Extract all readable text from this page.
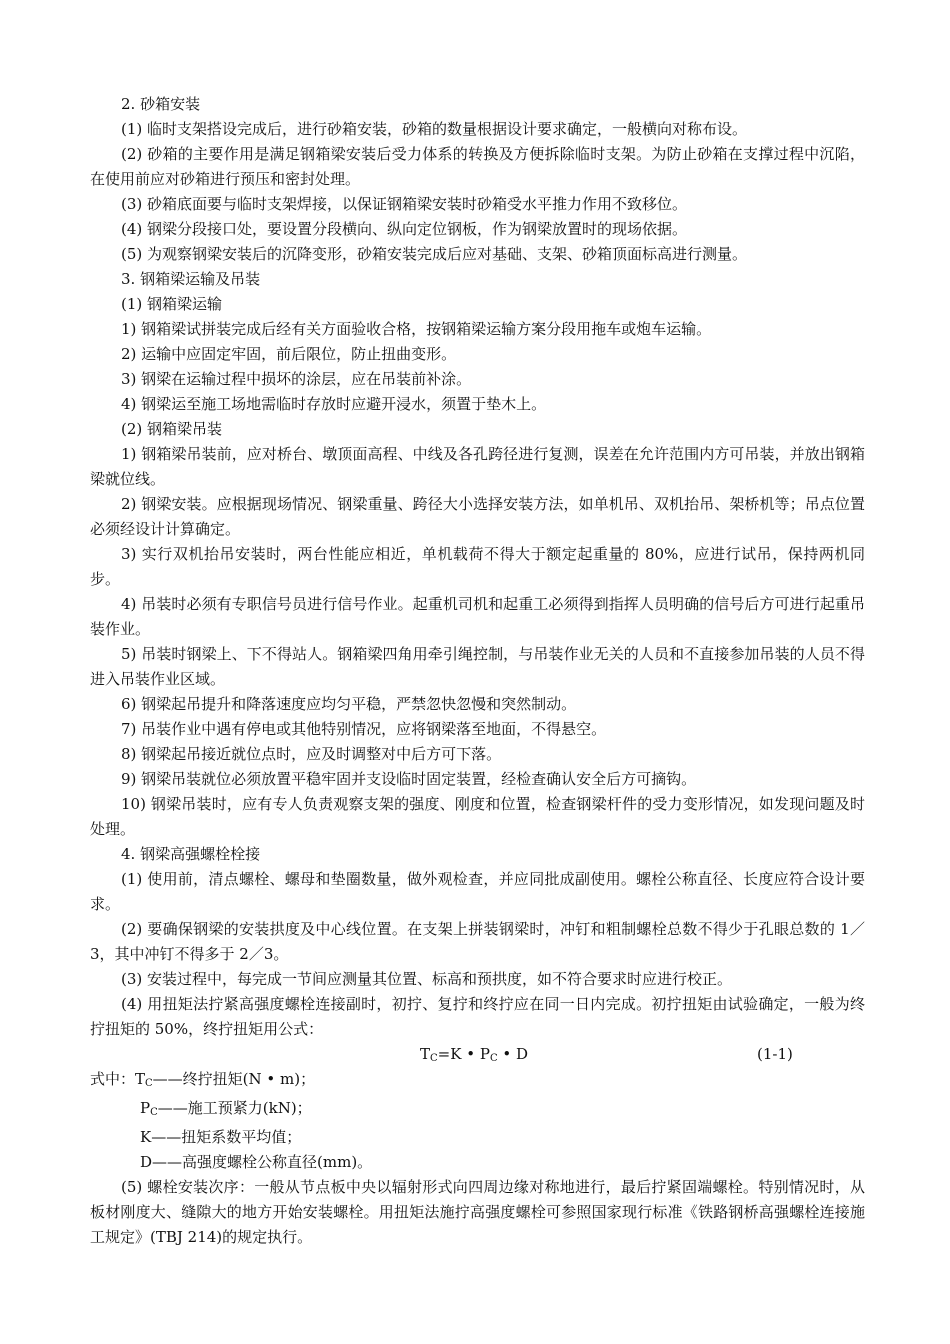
2. 砂箱安装

(1) 临时支架搭设完成后，进行砂箱安装，砂箱的数量根据设计要求确定，一般横向对称布设。

(2) 砂箱的主要作用是满足钢箱梁安装后受力体系的转换及方便拆除临时支架。为防止砂箱在支撑过程中沉陷，在使用前应对砂箱进行预压和密封处理。

(3) 砂箱底面要与临时支架焊接，以保证钢箱梁安装时砂箱受水平推力作用不致移位。

(4) 钢梁分段接口处，要设置分段横向、纵向定位钢板，作为钢梁放置时的现场依据。

(5) 为观察钢梁安装后的沉降变形，砂箱安装完成后应对基础、支架、砂箱顶面标高进行测量。

3. 钢箱梁运输及吊装

(1) 钢箱梁运输

1) 钢箱梁试拼装完成后经有关方面验收合格，按钢箱梁运输方案分段用拖车或炮车运输。

2) 运输中应固定牢固，前后限位，防止扭曲变形。

3) 钢梁在运输过程中损坏的涂层，应在吊装前补涂。

4) 钢梁运至施工场地需临时存放时应避开浸水，须置于垫木上。

(2) 钢箱梁吊装

1) 钢箱梁吊装前，应对桥台、墩顶面高程、中线及各孔跨径进行复测，误差在允许范围内方可吊装，并放出钢箱梁就位线。

2) 钢梁安装。应根据现场情况、钢梁重量、跨径大小选择安装方法，如单机吊、双机抬吊、架桥机等；吊点位置必须经设计计算确定。

3) 实行双机抬吊安装时，两台性能应相近，单机载荷不得大于额定起重量的 80%，应进行试吊，保持两机同步。

4) 吊装时必须有专职信号员进行信号作业。起重机司机和起重工必须得到指挥人员明确的信号后方可进行起重吊装作业。

5) 吊装时钢梁上、下不得站人。钢箱梁四角用牵引绳控制，与吊装作业无关的人员和不直接参加吊装的人员不得进入吊装作业区域。

6) 钢梁起吊提升和降落速度应均匀平稳，严禁忽快忽慢和突然制动。

7) 吊装作业中遇有停电或其他特别情况，应将钢梁落至地面，不得悬空。

8) 钢梁起吊接近就位点时，应及时调整对中后方可下落。

9) 钢梁吊装就位必须放置平稳牢固并支设临时固定装置，经检查确认安全后方可摘钩。

10) 钢梁吊装时，应有专人负责观察支架的强度、刚度和位置，检查钢梁杆件的受力变形情况，如发现问题及时处理。

4. 钢梁高强螺栓栓接

(1) 使用前，清点螺栓、螺母和垫圈数量，做外观检查，并应同批成副使用。螺栓公称直径、长度应符合设计要求。

(2) 要确保钢梁的安装拱度及中心线位置。在支架上拼装钢梁时，冲钉和粗制螺栓总数不得少于孔眼总数的 1／3，其中冲钉不得多于 2／3。

(3) 安装过程中，每完成一节间应测量其位置、标高和预拱度，如不符合要求时应进行校正。

(4) 用扭矩法拧紧高强度螺栓连接副时，初拧、复拧和终拧应在同一日内完成。初拧扭矩由试验确定，一般为终拧扭矩的 50%，终拧扭矩用公式：

$T_C=K$ • $P_C$ • D	(1-1)

式中：$T_C——$终拧扭矩(N • m)；

$P_C——$施工预紧力(kN)；

K——扭矩系数平均值；

D——高强度螺栓公称直径(mm)。

(5) 螺栓安装次序：一般从节点板中央以辐射形式向四周边缘对称地进行，最后拧紧固端螺栓。特别情况时，从板材刚度大、缝隙大的地方开始安装螺栓。用扭矩法施拧高强度螺栓可参照国家现行标准《铁路钢桥高强螺栓连接施工规定》(TBJ 214)的规定执行。
